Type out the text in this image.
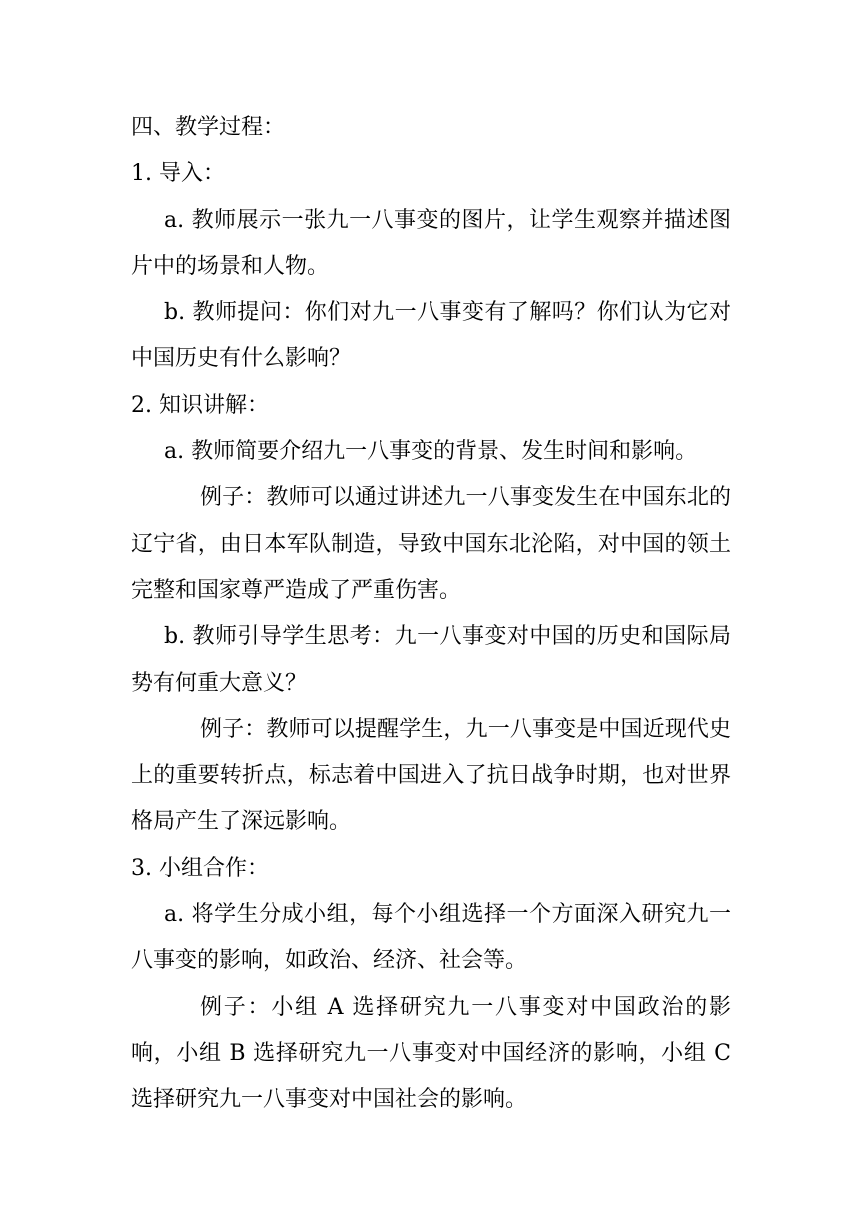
四、教学过程：

1. 导入：

a. 教师展示一张九一八事变的图片，让学生观察并描述图片中的场景和人物。

b. 教师提问：你们对九一八事变有了解吗？你们认为它对中国历史有什么影响？

2. 知识讲解：

a. 教师简要介绍九一八事变的背景、发生时间和影响。

例子：教师可以通过讲述九一八事变发生在中国东北的辽宁省，由日本军队制造，导致中国东北沦陷，对中国的领土完整和国家尊严造成了严重伤害。

b. 教师引导学生思考：九一八事变对中国的历史和国际局势有何重大意义？

例子：教师可以提醒学生，九一八事变是中国近现代史上的重要转折点，标志着中国进入了抗日战争时期，也对世界格局产生了深远影响。

3. 小组合作：

a. 将学生分成小组，每个小组选择一个方面深入研究九一八事变的影响，如政治、经济、社会等。

例子：小组 A 选择研究九一八事变对中国政治的影响，小组 B 选择研究九一八事变对中国经济的影响，小组 C 选择研究九一八事变对中国社会的影响。
